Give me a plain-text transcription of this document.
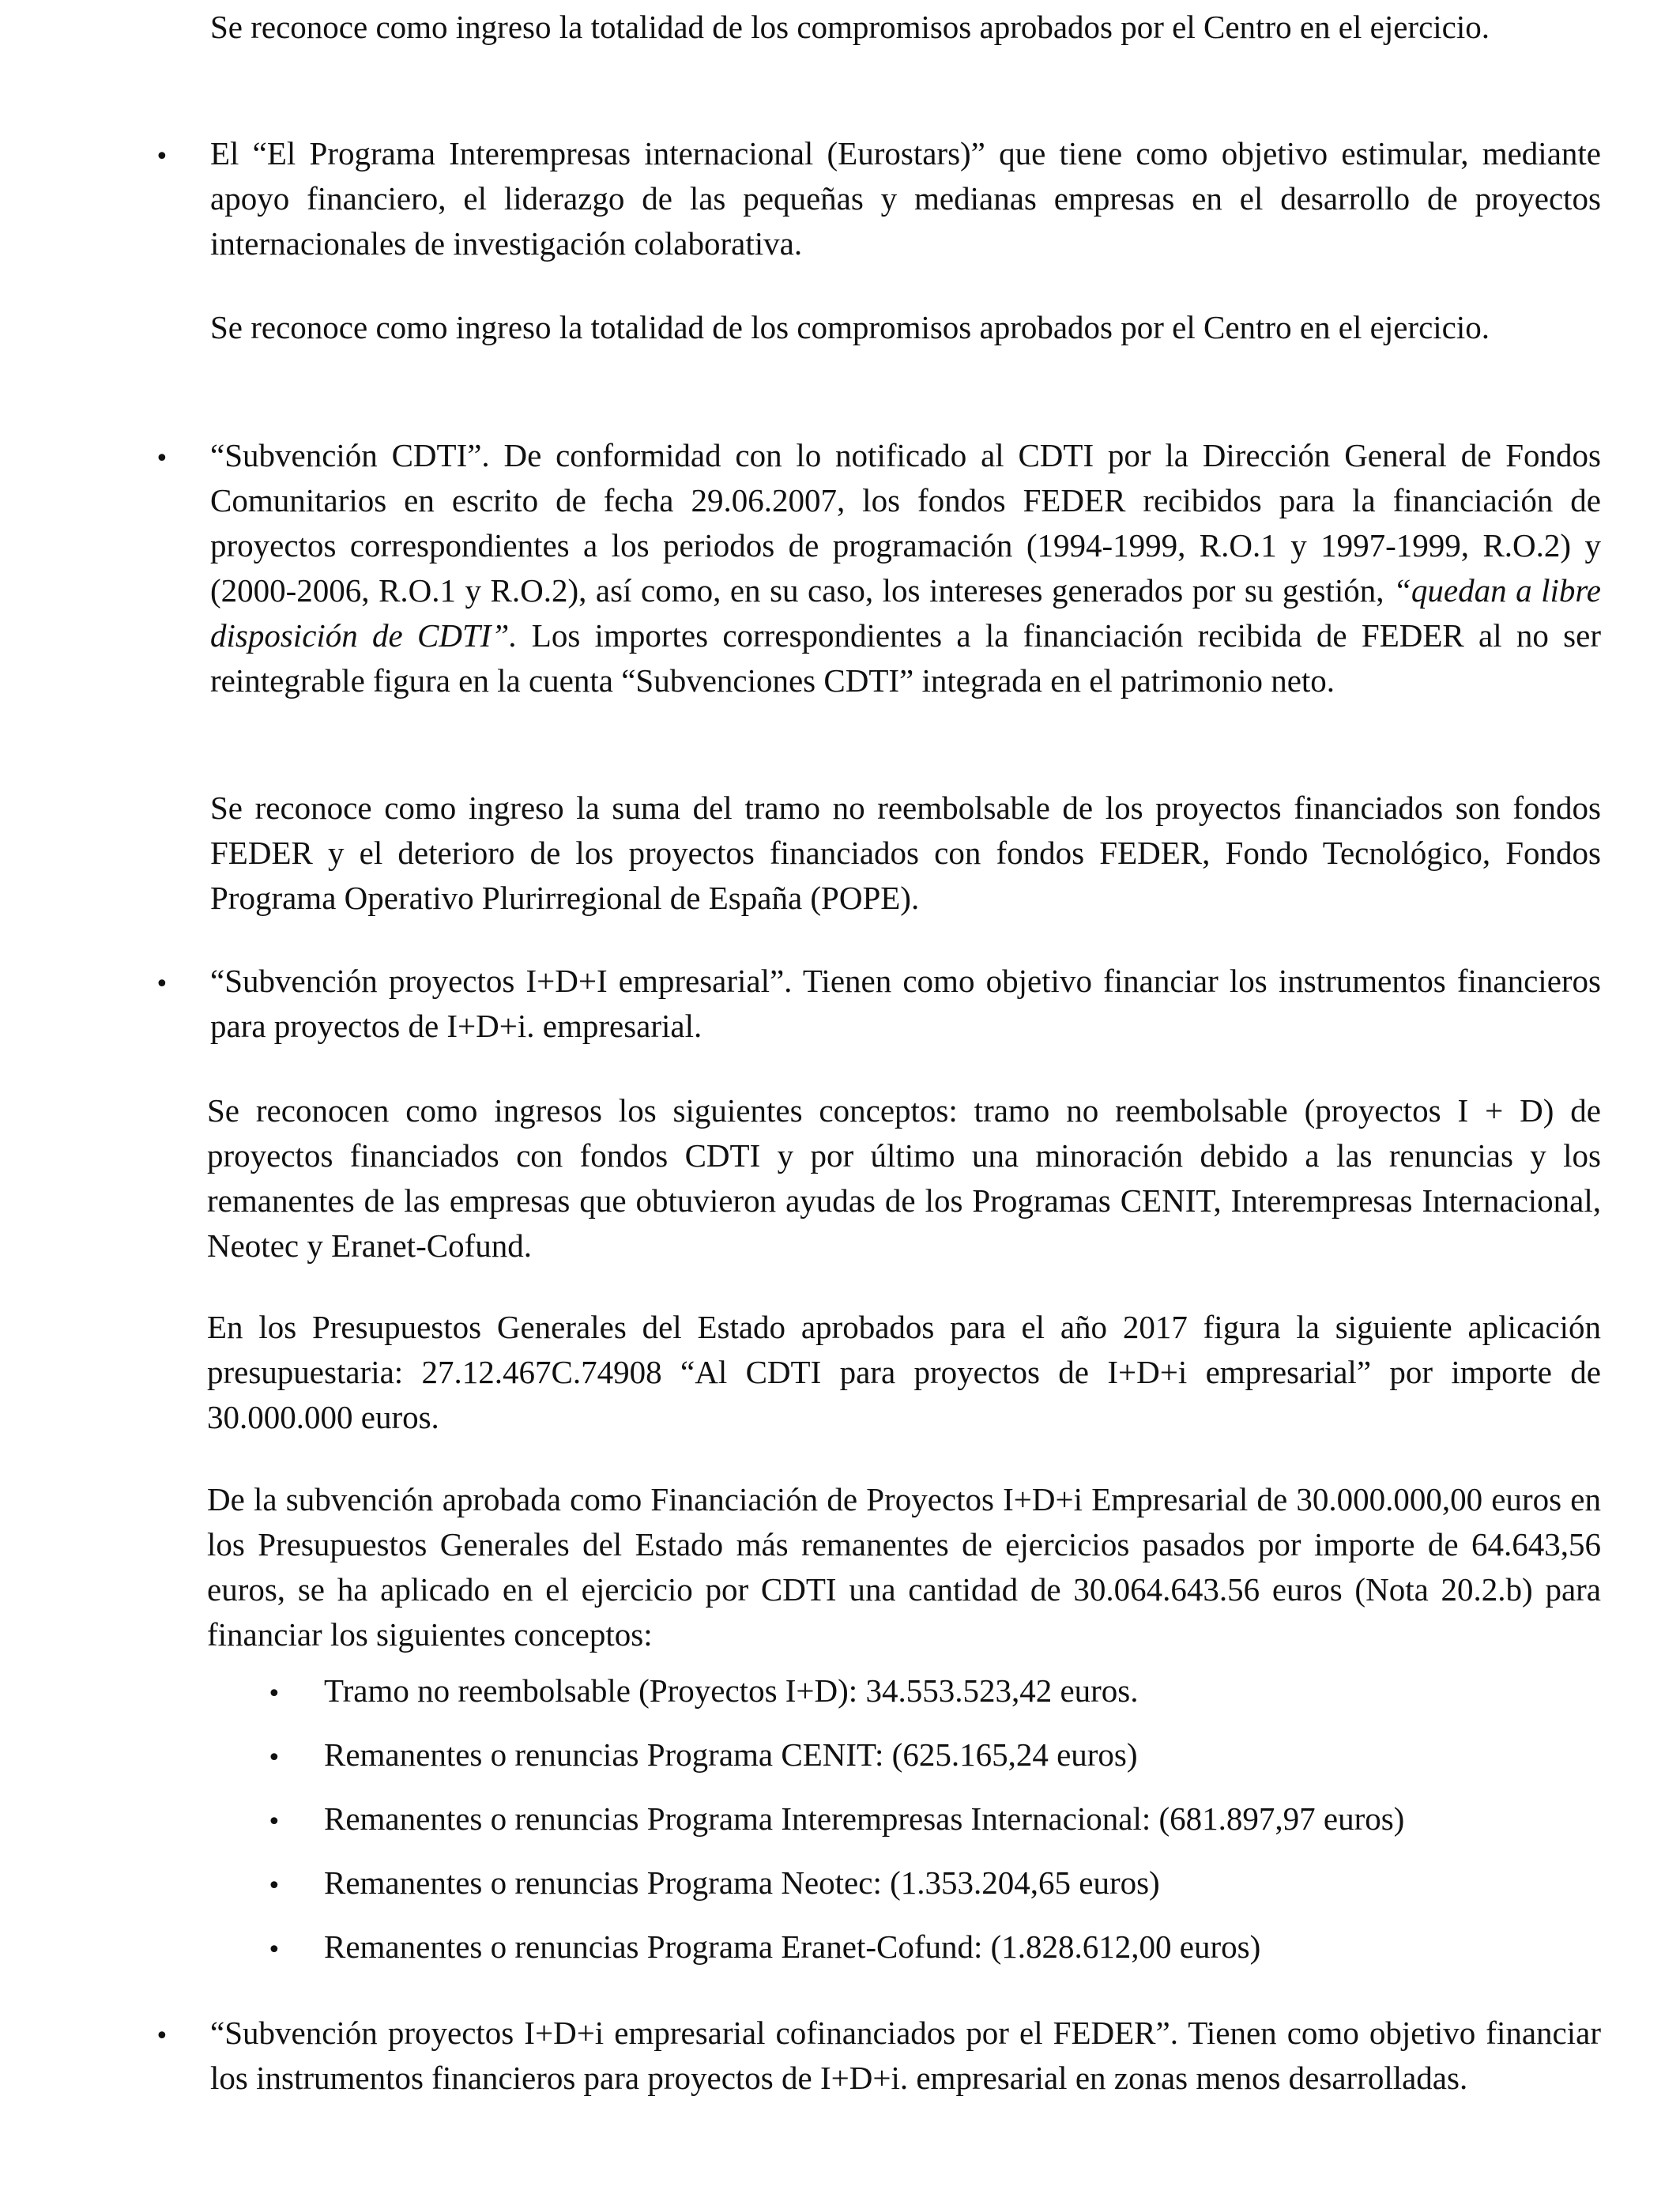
Se reconoce como ingreso la totalidad de los compromisos aprobados por el Centro en el ejercicio.

• El “El Programa Interempresas internacional (Eurostars)” que tiene como objetivo estimular, mediante apoyo financiero, el liderazgo de las pequeñas y medianas empresas en el desarrollo de proyectos internacionales de investigación colaborativa.

Se reconoce como ingreso la totalidad de los compromisos aprobados por el Centro en el ejercicio.

• “Subvención CDTI”. De conformidad con lo notificado al CDTI por la Dirección General de Fondos Comunitarios en escrito de fecha 29.06.2007, los fondos FEDER recibidos para la financiación de proyectos correspondientes a los periodos de programación (1994-1999, R.O.1 y 1997-1999, R.O.2) y (2000-2006, R.O.1 y R.O.2), así como, en su caso, los intereses generados por su gestión, “quedan a libre disposición de CDTI”. Los importes correspondientes a la financiación recibida de FEDER al no ser reintegrable figura en la cuenta “Subvenciones CDTI” integrada en el patrimonio neto.

Se reconoce como ingreso la suma del tramo no reembolsable de los proyectos financiados son fondos FEDER y el deterioro de los proyectos financiados con fondos FEDER, Fondo Tecnológico, Fondos Programa Operativo Plurirregional de España (POPE).

• “Subvención proyectos I+D+I empresarial”. Tienen como objetivo financiar los instrumentos financieros para proyectos de I+D+i. empresarial.

Se reconocen como ingresos los siguientes conceptos: tramo no reembolsable (proyectos I + D) de proyectos financiados con fondos CDTI y por último una minoración debido a las renuncias y los remanentes de las empresas que obtuvieron ayudas de los Programas CENIT, Interempresas Internacional, Neotec y Eranet-Cofund.

En los Presupuestos Generales del Estado aprobados para el año 2017 figura la siguiente aplicación presupuestaria: 27.12.467C.74908 “Al CDTI para proyectos de I+D+i empresarial” por importe de 30.000.000 euros.

De la subvención aprobada como Financiación de Proyectos I+D+i Empresarial de 30.000.000,00 euros en los Presupuestos Generales del Estado más remanentes de ejercicios pasados por importe de 64.643,56 euros, se ha aplicado en el ejercicio por CDTI una cantidad de 30.064.643.56 euros (Nota 20.2.b) para financiar los siguientes conceptos:

• Tramo no reembolsable (Proyectos I+D): 34.553.523,42 euros.

• Remanentes o renuncias Programa CENIT: (625.165,24 euros)

• Remanentes o renuncias Programa Interempresas Internacional: (681.897,97 euros)

• Remanentes o renuncias Programa Neotec: (1.353.204,65 euros)

• Remanentes o renuncias Programa Eranet-Cofund: (1.828.612,00 euros)

• “Subvención proyectos I+D+i empresarial cofinanciados por el FEDER”. Tienen como objetivo financiar los instrumentos financieros para proyectos de I+D+i. empresarial en zonas menos desarrolladas.
